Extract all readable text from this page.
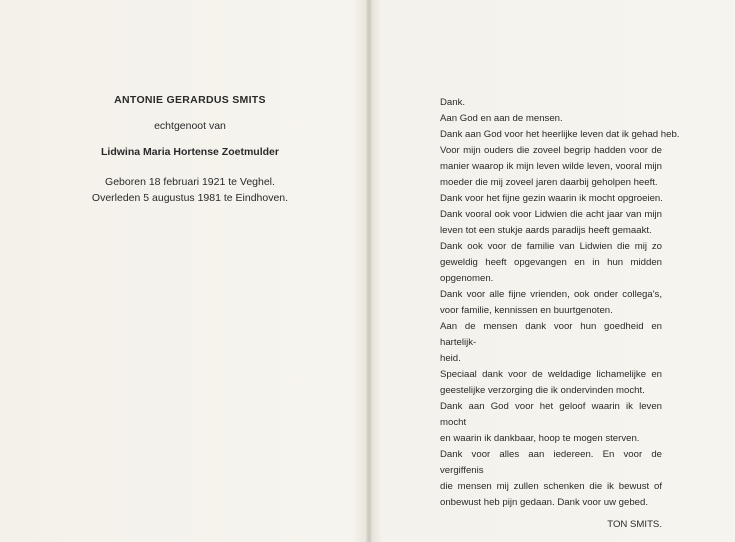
ANTONIE GERARDUS SMITS
echtgenoot van
Lidwina Maria Hortense Zoetmulder
Geboren 18 februari 1921 te Veghel.
Overleden 5 augustus 1981 te Eindhoven.
Dank.
Aan God en aan de mensen.
Dank aan God voor het heerlijke leven dat ik gehad heb.
Voor mijn ouders die zoveel begrip hadden voor de
manier waarop ik mijn leven wilde leven, vooral mijn
moeder die mij zoveel jaren daarbij geholpen heeft.
Dank voor het fijne gezin waarin ik mocht opgroeien.
Dank vooral ook voor Lidwien die acht jaar van mijn
leven tot een stukje aards paradijs heeft gemaakt.
Dank ook voor de familie van Lidwien die mij zo
geweldig heeft opgevangen en in hun midden
opgenomen.
Dank voor alle fijne vrienden, ook onder collega's,
voor familie, kennissen en buurtgenoten.
Aan de mensen dank voor hun goedheid en hartelijk-
heid.
Speciaal dank voor de weldadige lichamelijke en
geestelijke verzorging die ik ondervinden mocht.
Dank aan God voor het geloof waarin ik leven mocht
en waarin ik dankbaar, hoop te mogen sterven.
Dank voor alles aan iedereen. En voor de vergiffenis
die mensen mij zullen schenken die ik bewust of
onbewust heb pijn gedaan. Dank voor uw gebed.
TON SMITS.
